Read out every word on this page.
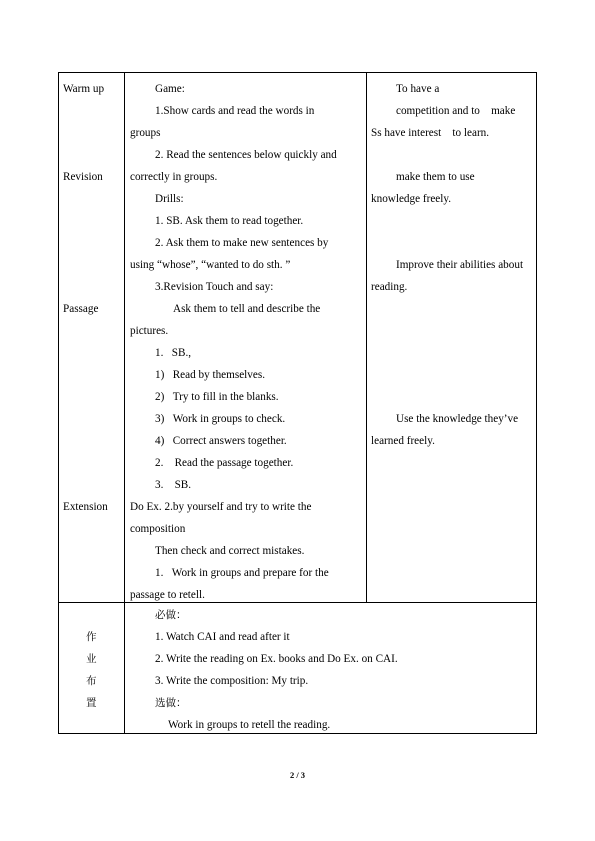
Warm up
Revision
Passage
Extension
Game:
1.Show cards and read the words in
groups
2. Read the sentences below quickly and
correctly in groups.
Drills:
1. SB. Ask them to read together.
2. Ask them to make new sentences by
using “whose”, “wanted to do sth. ”
3.Revision Touch and say:
Ask them to tell and describe the
pictures.
1.   SB.,
1)   Read by themselves.
2)   Try to fill in the blanks.
3)   Work in groups to check.
4)   Correct answers together.
2.    Read the passage together.
3.    SB.
Do Ex. 2.by yourself and try to write the
composition
Then check and correct mistakes.
1.   Work in groups and prepare for the
passage to retell.
To have a
competition and to    make
Ss have interest    to learn.
make them to use
knowledge freely.
Improve their abilities about
reading.
Use the knowledge they’ve
learned freely.
作
业
布
置
必做：
1. Watch CAI and read after it
2. Write the reading on Ex. books and Do Ex. on CAI.
3. Write the composition: My trip.
选做：
Work in groups to retell the reading.
2 / 3
